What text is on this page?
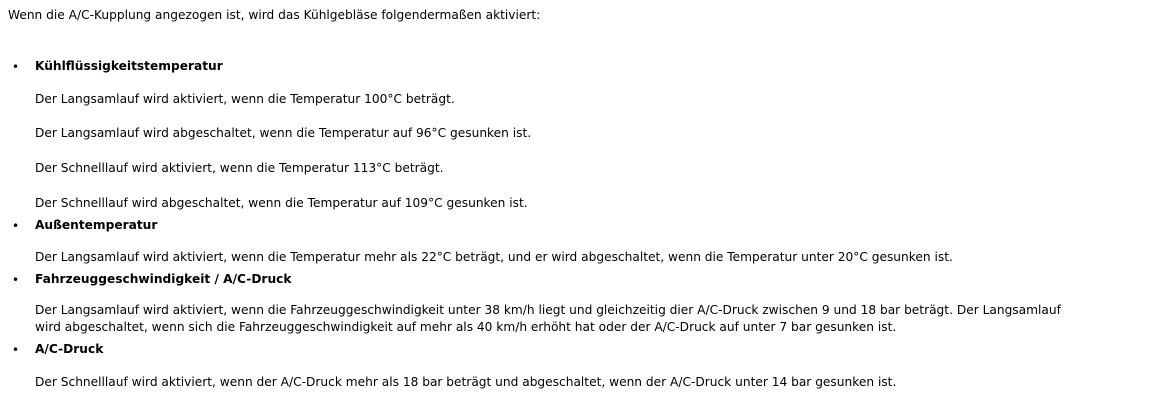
Wenn die A/C-Kupplung angezogen ist, wird das Kühlgebläse folgendermaßen aktiviert:

• Kühlflüssigkeitstemperatur

Der Langsamlauf wird aktiviert, wenn die Temperatur 100°C beträgt.

Der Langsamlauf wird abgeschaltet, wenn die Temperatur auf 96°C gesunken ist.

Der Schnelllauf wird aktiviert, wenn die Temperatur 113°C beträgt.

Der Schnelllauf wird abgeschaltet, wenn die Temperatur auf 109°C gesunken ist.

• Außentemperatur

Der Langsamlauf wird aktiviert, wenn die Temperatur mehr als 22°C beträgt, und er wird abgeschaltet, wenn die Temperatur unter 20°C gesunken ist.

• Fahrzeuggeschwindigkeit / A/C-Druck

Der Langsamlauf wird aktiviert, wenn die Fahrzeuggeschwindigkeit unter 38 km/h liegt und gleichzeitig dier A/C-Druck zwischen 9 und 18 bar beträgt. Der Langsamlauf

wird abgeschaltet, wenn sich die Fahrzeuggeschwindigkeit auf mehr als 40 km/h erhöht hat oder der A/C-Druck auf unter 7 bar gesunken ist.

• A/C-Druck

Der Schnelllauf wird aktiviert, wenn der A/C-Druck mehr als 18 bar beträgt und abgeschaltet, wenn der A/C-Druck unter 14 bar gesunken ist.
